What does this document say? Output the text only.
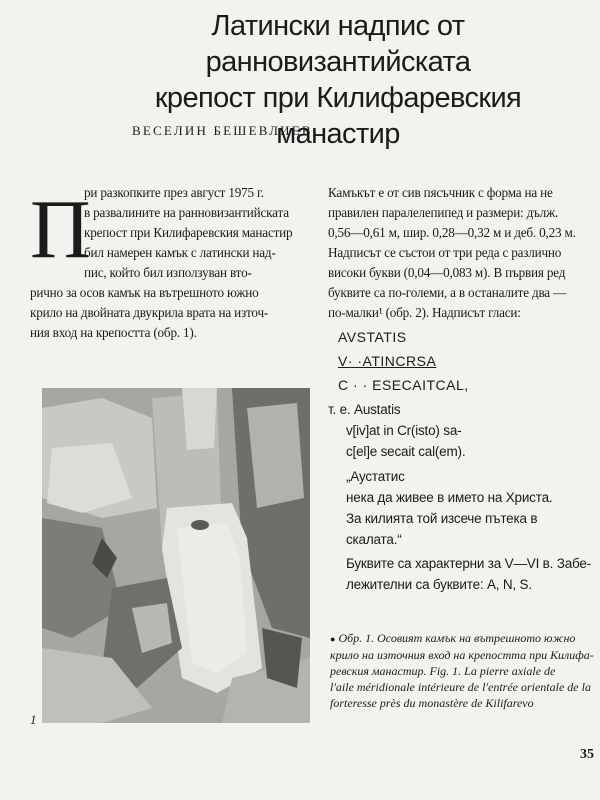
Латински надпис от ранновизантийската
крепост при Килифаревския манастир
ВЕСЕЛИН БЕШЕВЛИЕВ
П
ри разкопките през август 1975 г.
в развалините на ранновизантийската
крепост при Килифаревския манастир
бил намерен камък с латински над-
пис, който бил използуван вто-
рично за осов камък на вътрешното южно
крило на двойната двукрила врата на източ-
ния вход на крепостта (обр. 1).
Камъкът е от сив пясъчник с форма на не
правилен паралелепипед и размери: дълж.
0,56—0,61 м, шир. 0,28—0,32 м и деб. 0,23 м.
Надписът се състои от три реда с различно
високи букви (0,04—0,083 м). В първия ред
буквите са по-големи, а в останалите два —
по-малки¹ (обр. 2). Надписът гласи:
AVSTATIS
V· ·ATINCRSA
C · · ESECAITCAL,
т. е. Austatis
v[iv]at in Cr(isto) sa-
c[el]e secait cal(em).
„Аустатис
нека да живее в името на Христа.
За килията той изсече пътека в
скалата.“
Буквите са характерни за V—VI в. Забе-
лежителни са буквите: A, N, S.
● Обр. 1. Осовият камък на вътрешното южно
крило на източния вход на крепостта при Килифа-
ревския манастир. Fig. 1. La pierre axiale de
l'aile méridionale intérieure de l'entrée orientale de la
forteresse près du monastère de Kilifarevo
1
35
